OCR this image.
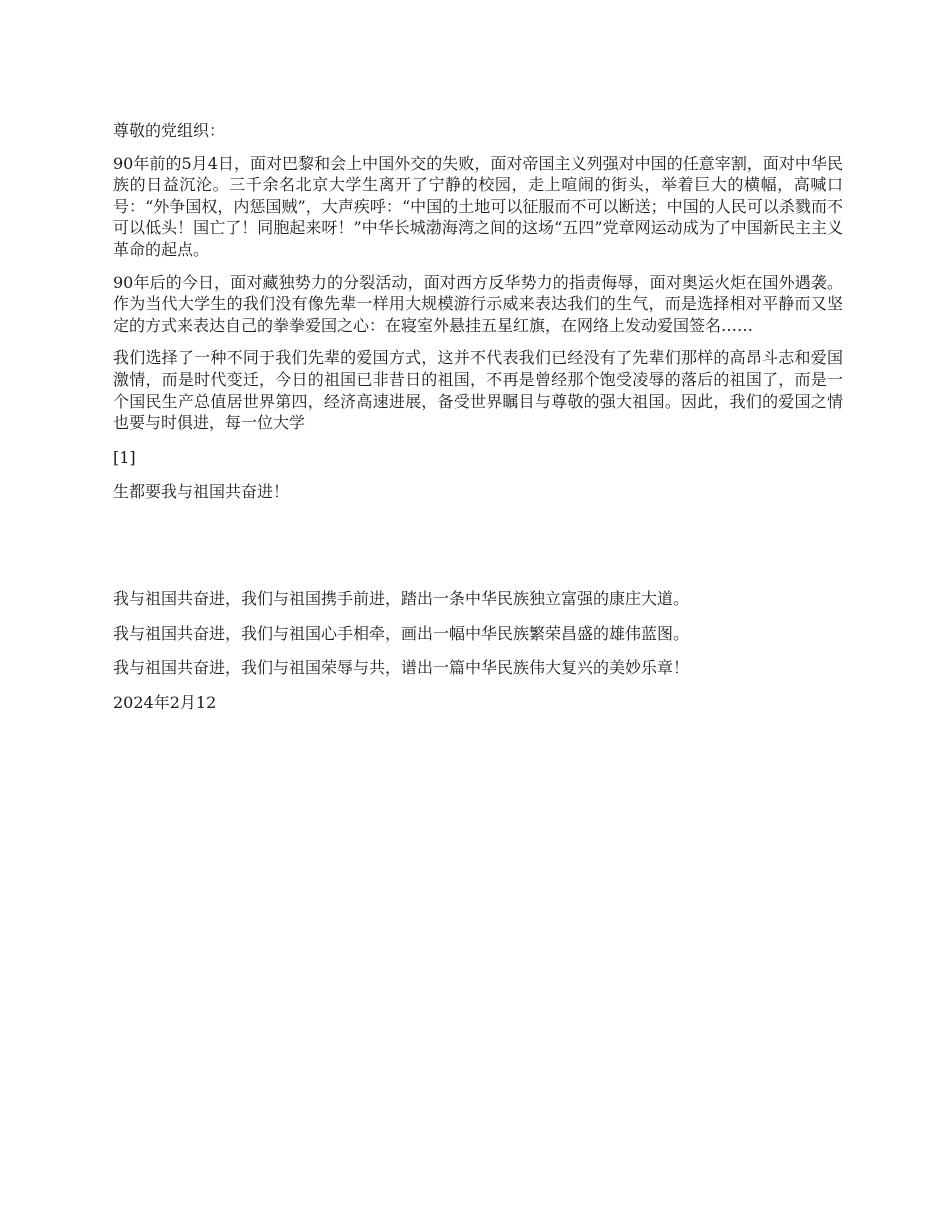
尊敬的党组织：

90年前的5月4日，面对巴黎和会上中国外交的失败，面对帝国主义列强对中国的任意宰割，面对中华民族的日益沉沦。三千余名北京大学生离开了宁静的校园，走上喧闹的街头，举着巨大的横幅，高喊口号：“外争国权，内惩国贼”，大声疾呼：“中国的土地可以征服而不可以断送；中国的人民可以杀戮而不可以低头！国亡了！同胞起来呀！”中华长城渤海湾之间的这场“五四”党章网运动成为了中国新民主主义革命的起点。

90年后的今日，面对藏独势力的分裂活动，面对西方反华势力的指责侮辱，面对奥运火炬在国外遇袭。作为当代大学生的我们没有像先辈一样用大规模游行示威来表达我们的生气，而是选择相对平静而又坚定的方式来表达自己的拳拳爱国之心：在寝室外悬挂五星红旗，在网络上发动爱国签名……

我们选择了一种不同于我们先辈的爱国方式，这并不代表我们已经没有了先辈们那样的高昂斗志和爱国激情，而是时代变迁，今日的祖国已非昔日的祖国，不再是曾经那个饱受凌辱的落后的祖国了，而是一个国民生产总值居世界第四，经济高速进展，备受世界瞩目与尊敬的强大祖国。因此，我们的爱国之情也要与时俱进，每一位大学

[1]

生都要我与祖国共奋进！

我与祖国共奋进，我们与祖国携手前进，踏出一条中华民族独立富强的康庄大道。

我与祖国共奋进，我们与祖国心手相牵，画出一幅中华民族繁荣昌盛的雄伟蓝图。

我与祖国共奋进，我们与祖国荣辱与共，谱出一篇中华民族伟大复兴的美妙乐章！

2024年2月12
